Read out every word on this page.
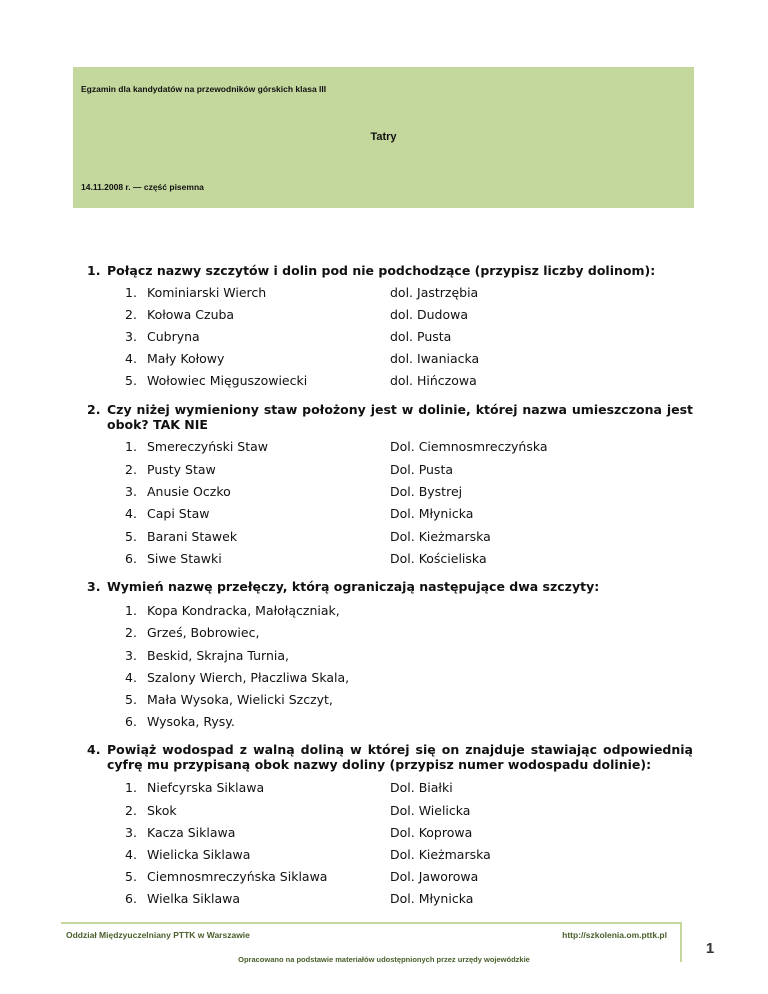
Egzamin dla kandydatów na przewodników górskich klasa III
Tatry
14.11.2008 r. — część pisemna
1. Połącz nazwy szczytów i dolin pod nie podchodzące (przypisz liczby dolinom):
1. Kominiarski Wierch	dol. Jastrzębia
2. Kołowa Czuba	dol. Dudowa
3. Cubryna	dol. Pusta
4. Mały Kołowy	dol. Iwaniacka
5. Wołowiec Mięguszowiecki	dol. Hińczowa
2. Czy niżej wymieniony staw położony jest w dolinie, której nazwa umieszczona jest obok? TAK NIE
1. Smereczyński Staw	Dol. Ciemnosmreczyńska
2. Pusty Staw	Dol. Pusta
3. Anusie Oczko	Dol. Bystrej
4. Capi Staw	Dol. Młynicka
5. Barani Stawek	Dol. Kieżmarska
6. Siwe Stawki	Dol. Kościeliska
3. Wymień nazwę przełęczy, którą ograniczają następujące dwa szczyty:
1. Kopa Kondracka, Małołączniak,
2. Grześ, Bobrowiec,
3. Beskid, Skrajna Turnia,
4. Szalony Wierch, Płaczliwa Skala,
5. Mała Wysoka, Wielicki Szczyt,
6. Wysoka, Rysy.
4. Powiąż wodospad z walną doliną w której się on znajduje stawiając odpowiednią cyfrę mu przypisaną obok nazwy doliny (przypisz numer wodospadu dolinie):
1. Niefcyrska Siklawa	Dol. Białki
2. Skok	Dol. Wielicka
3. Kacza Siklawa	Dol. Koprowa
4. Wielicka Siklawa	Dol. Kieżmarska
5. Ciemnosmreczyńska Siklawa	Dol. Jaworowa
6. Wielka Siklawa	Dol. Młynicka
Oddział Międzyuczelniany PTTK w Warszawie	http://szkolenia.om.pttk.pl
1
Opracowano na podstawie materiałów udostępnionych przez urzędy wojewódzkie
